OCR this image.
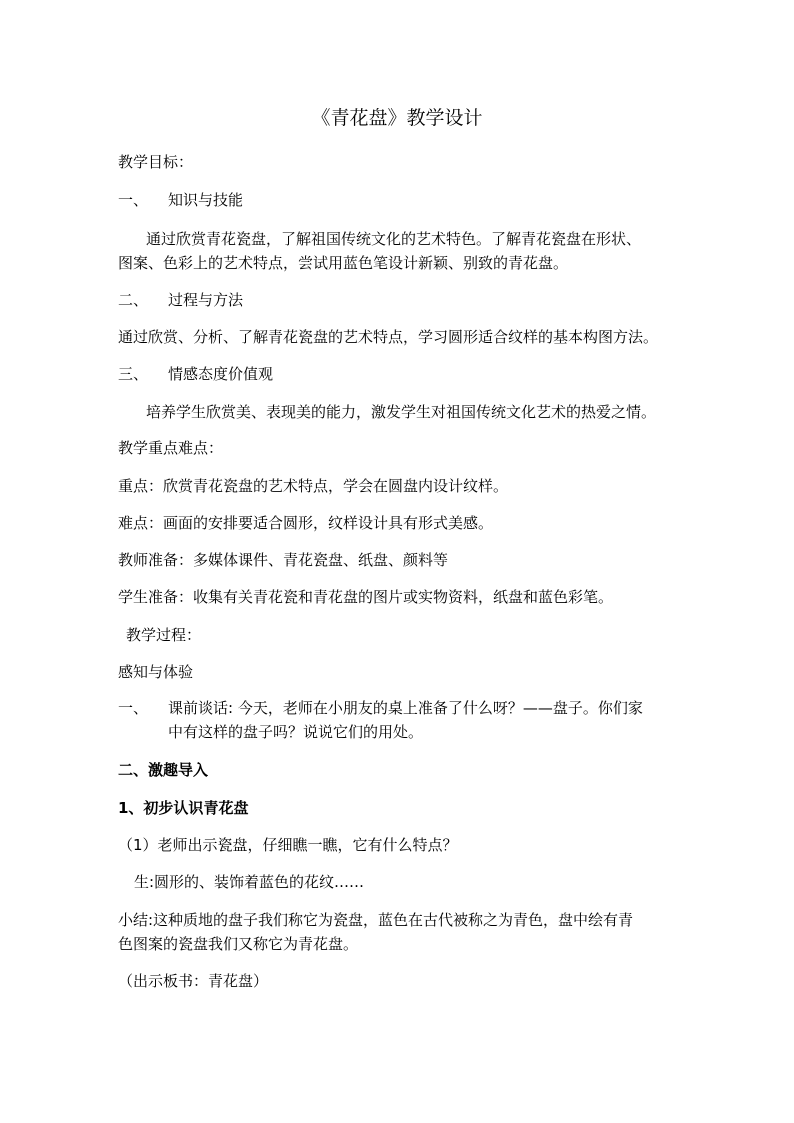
《青花盘》教学设计
教学目标：
一、 知识与技能
通过欣赏青花瓷盘，了解祖国传统文化的艺术特色。了解青花瓷盘在形状、
图案、色彩上的艺术特点，尝试用蓝色笔设计新颖、别致的青花盘。
二、 过程与方法
通过欣赏、分析、了解青花瓷盘的艺术特点，学习圆形适合纹样的基本构图方法。
三、 情感态度价值观
培养学生欣赏美、表现美的能力，激发学生对祖国传统文化艺术的热爱之情。
教学重点难点：
重点：欣赏青花瓷盘的艺术特点，学会在圆盘内设计纹样。
难点：画面的安排要适合圆形，纹样设计具有形式美感。
教师准备：多媒体课件、青花瓷盘、纸盘、颜料等
学生准备：收集有关青花瓷和青花盘的图片或实物资料，纸盘和蓝色彩笔。
教学过程：
感知与体验
一、 课前谈话: 今天，老师在小朋友的桌上准备了什么呀？——盘子。你们家
中有这样的盘子吗？说说它们的用处。
二、激趣导入
1、初步认识青花盘
（1）老师出示瓷盘，仔细瞧一瞧，它有什么特点？
生:圆形的、装饰着蓝色的花纹……
小结:这种质地的盘子我们称它为瓷盘，蓝色在古代被称之为青色，盘中绘有青
色图案的瓷盘我们又称它为青花盘。
（出示板书：青花盘）
